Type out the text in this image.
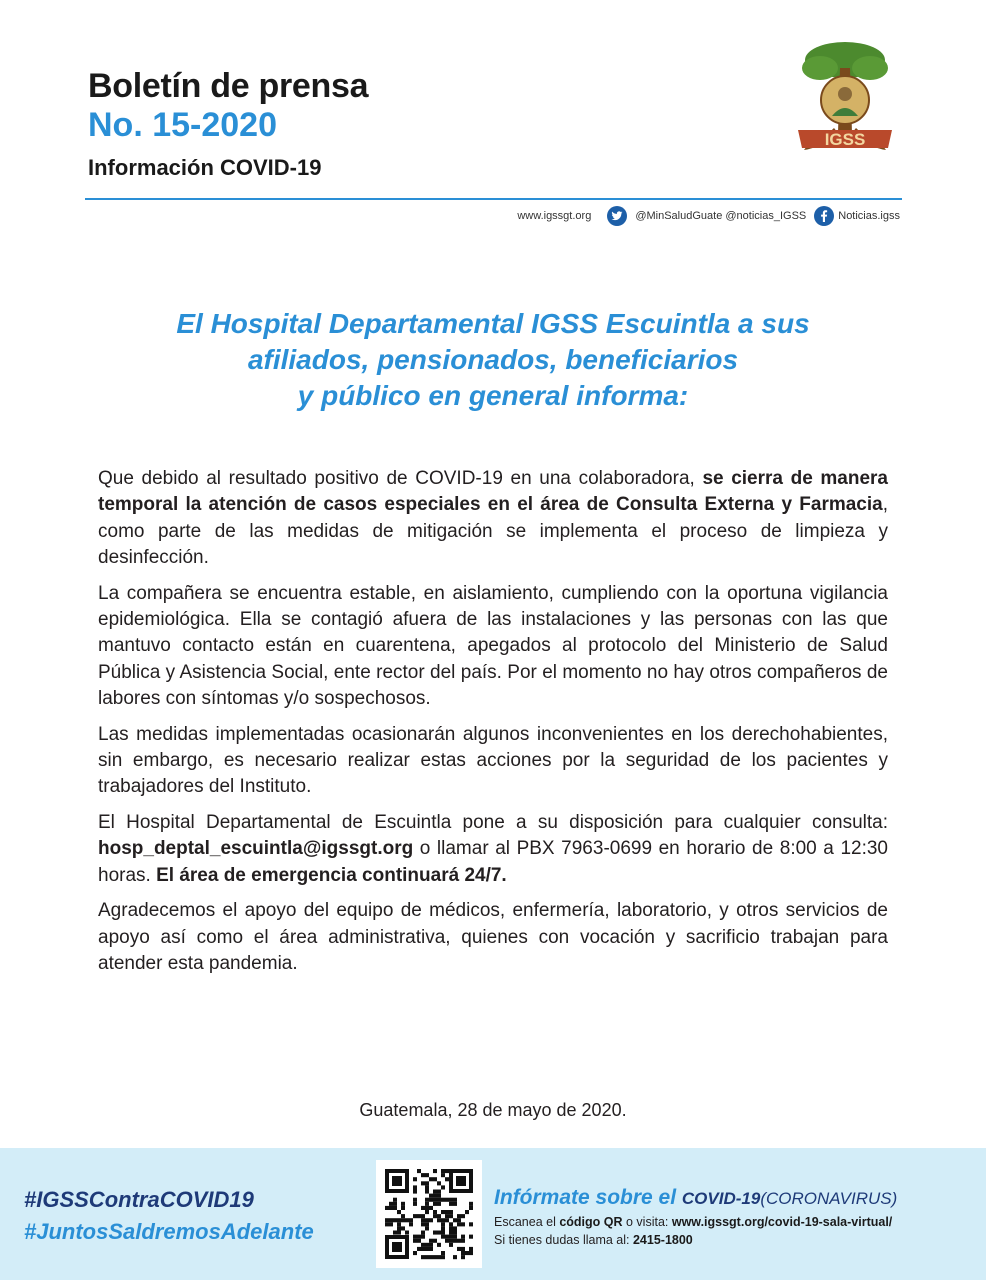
Boletín de prensa
No. 15-2020
Información COVID-19
IGSS
www.igssgt.org	@MinSaludGuate @noticias_IGSS	Noticias.igss
El Hospital Departamental IGSS Escuintla a sus
afiliados, pensionados, beneficiarios
y público en general informa:

Que debido al resultado positivo de COVID-19 en una colaboradora, se cierra de manera temporal la atención de casos especiales en el área de Consulta Externa y Farmacia, como parte de las medidas de mitigación se implementa el proceso de limpieza y desinfección.

La compañera se encuentra estable, en aislamiento, cumpliendo con la oportuna vigilancia epidemiológica. Ella se contagió afuera de las instalaciones y las personas con las que mantuvo contacto están en cuarentena, apegados al protocolo del Ministerio de Salud Pública y Asistencia Social, ente rector del país. Por el momento no hay otros compañeros de labores con síntomas y/o sospechosos.

Las medidas implementadas ocasionarán algunos inconvenientes en los derechohabientes, sin embargo, es necesario realizar estas acciones por la seguridad de los pacientes y trabajadores del Instituto.

El Hospital Departamental de Escuintla pone a su disposición para cualquier consulta: hosp_deptal_escuintla@igssgt.org o llamar al PBX 7963-0699 en horario de 8:00 a 12:30 horas. El área de emergencia continuará 24/7.

Agradecemos el apoyo del equipo de médicos, enfermería, laboratorio, y otros servicios de apoyo así como el área administrativa, quienes con vocación y sacrificio trabajan para atender esta pandemia.

Guatemala, 28 de mayo de 2020.
#IGSSContraCOVID19
#JuntosSaldremosAdelante
Infórmate sobre el COVID-19(CORONAVIRUS)
Escanea el código QR o visita: www.igssgt.org/covid-19-sala-virtual/
Si tienes dudas llama al: 2415-1800
